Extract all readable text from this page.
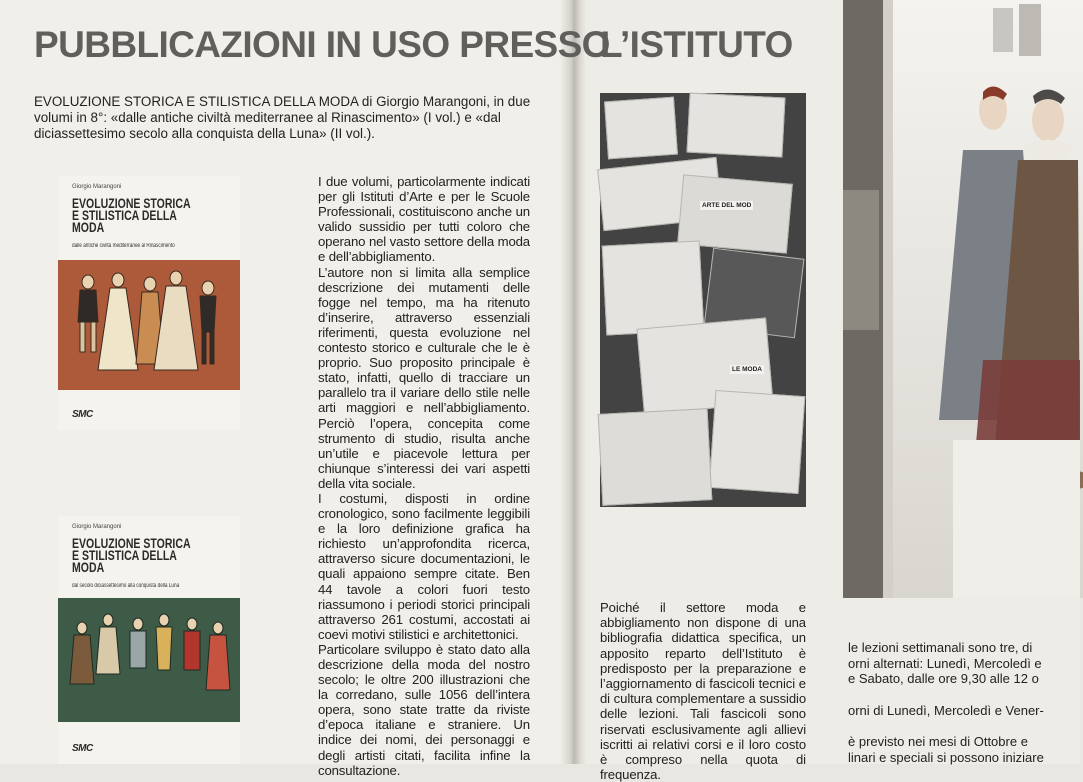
PUBBLICAZIONI IN USO PRESSO
L’ISTITUTO
EVOLUZIONE STORICA E STILISTICA DELLA MODA di Giorgio Marangoni, in due volumi in 8°: «dalle antiche civiltà mediterranee al Rinascimento» (I vol.) e «dal diciassettesimo secolo alla conquista della Luna» (II vol.).
Giorgio Marangoni
EVOLUZIONE STORICA E STILISTICA DELLA MODA
dalle antiche civiltà mediterranee al Rinascimento
SMC
Giorgio Marangoni
EVOLUZIONE STORICA E STILISTICA DELLA MODA
dal secolo diciassettesimo alla conquista della Luna
SMC

I due volumi, particolarmente indicati per gli Istituti d’Arte e per le Scuole Professionali, costituiscono anche un valido sussidio per tutti coloro che operano nel vasto settore della moda e dell’abbigliamento.

L’autore non si limita alla semplice descrizione dei mutamenti delle fogge nel tempo, ma ha ritenuto d’inserire, attraverso essenziali riferimenti, questa evoluzione nel contesto storico e culturale che le è proprio. Suo proposito principale è stato, infatti, quello di tracciare un parallelo tra il variare dello stile nelle arti maggiori e nell’abbigliamento. Perciò l’opera, concepita come strumento di studio, risulta anche un’utile e piacevole lettura per chiunque s’interessi dei vari aspetti della vita sociale.

I costumi, disposti in ordine cronologico, sono facilmente leggibili e la loro definizione grafica ha richiesto un’approfondita ricerca, attraverso sicure documentazioni, le quali appaiono sempre citate. Ben 44 tavole a colori fuori testo riassumono i periodi storici principali attraverso 261 costumi, accostati ai coevi motivi stilistici e architettonici.

Particolare sviluppo è stato dato alla descrizione della moda del nostro secolo; le oltre 200 illustrazioni che la corredano, sulle 1056 dell’intera opera, sono state tratte da riviste d’epoca italiane e straniere. Un indice dei nomi, dei personaggi e degli artisti citati, facilita infine la consultazione.

ARTE DEL MOD
LE MODA
Poiché il settore moda e abbigliamento non dispone di una bibliografia didattica specifica, un apposito reparto dell’Istituto è predisposto per la preparazione e l’aggiornamento di fascicoli tecnici e di cultura complementare a sussidio delle lezioni. Tali fascicoli sono riservati esclusivamente agli allievi iscritti ai relativi corsi e il loro costo è compreso nella quota di frequenza.
le lezioni settimanali sono tre, di
orni alternati: Lunedì, Mercoledì e
e Sabato, dalle ore 9,30 alle 12 o
orni di Lunedì, Mercoledì e Vener-
è previsto nei mesi di Ottobre e
linari e speciali si possono iniziare
